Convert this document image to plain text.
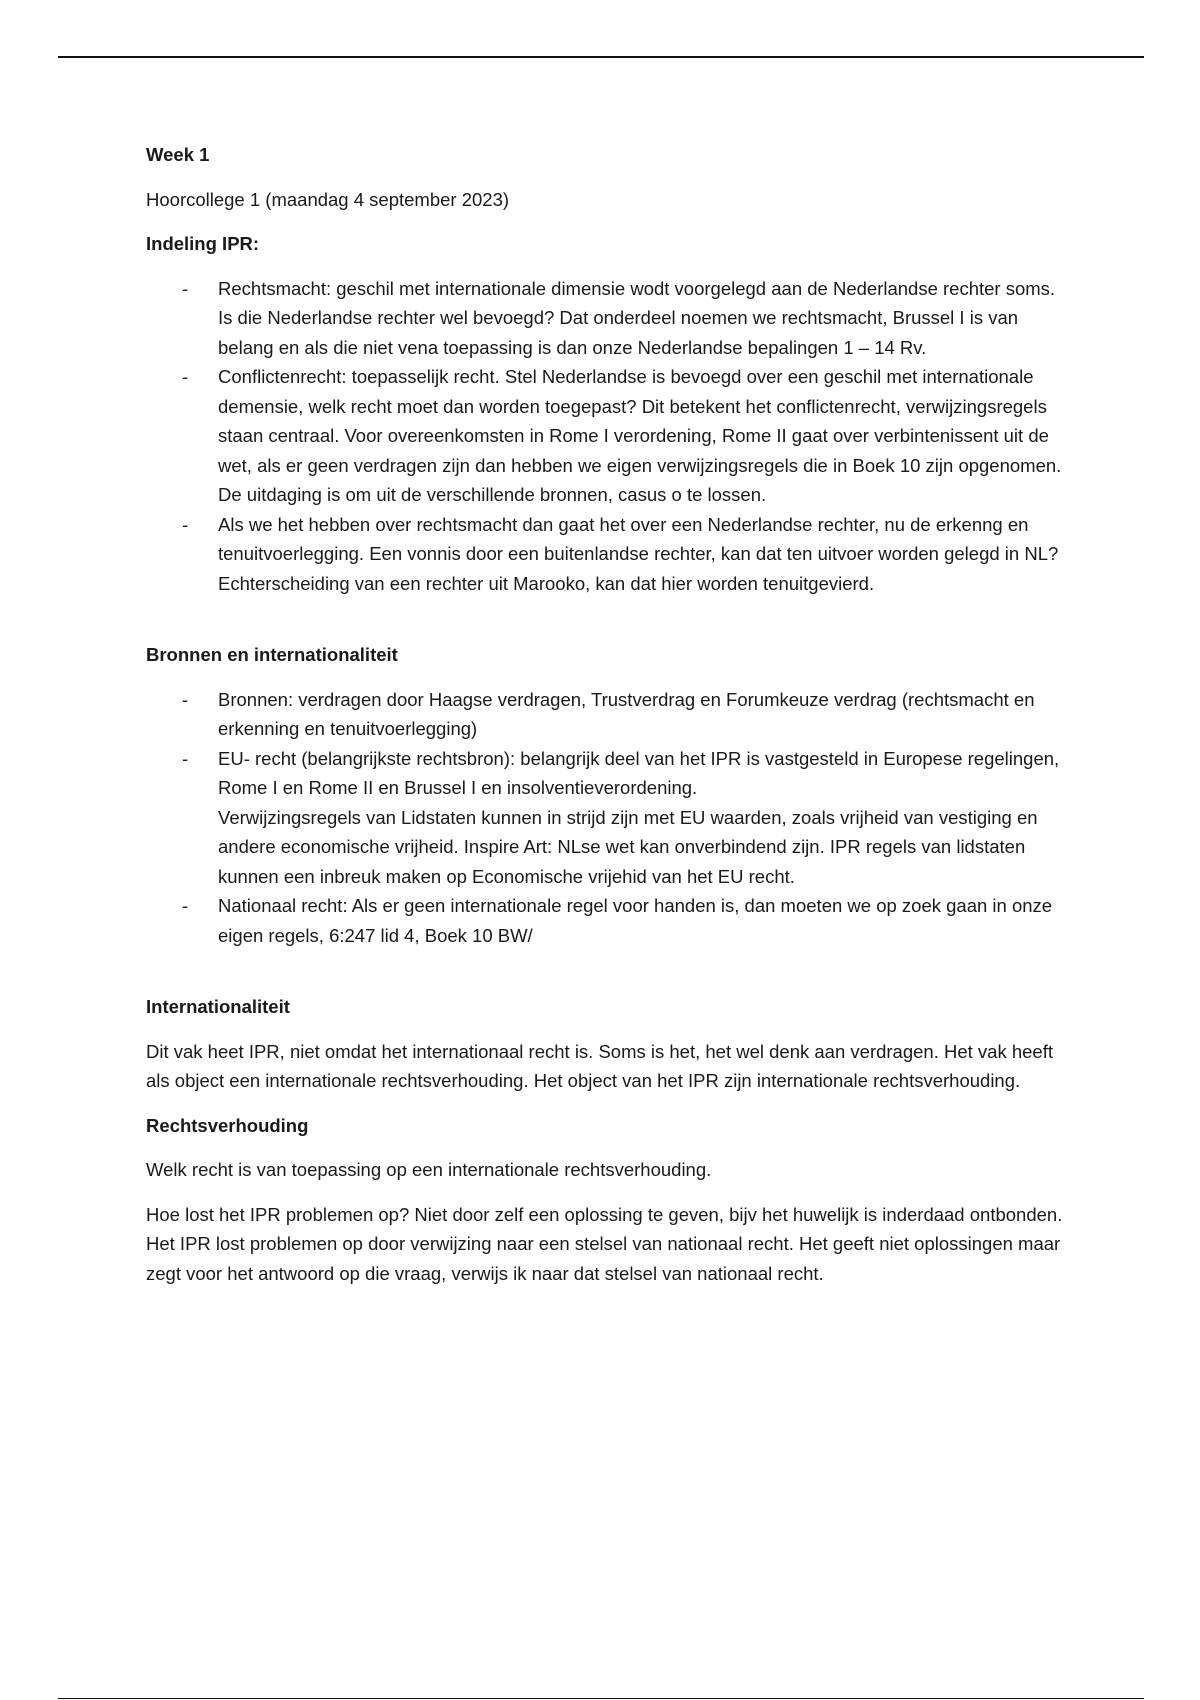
Week 1
Hoorcollege 1 (maandag 4 september 2023)
Indeling IPR:
- Rechtsmacht: geschil met internationale dimensie wodt voorgelegd aan de Nederlandse rechter soms. Is die Nederlandse rechter wel bevoegd? Dat onderdeel noemen we rechtsmacht, Brussel I is van belang en als die niet vena toepassing is dan onze Nederlandse bepalingen 1 – 14 Rv.
- Conflictenrecht: toepasselijk recht. Stel Nederlandse is bevoegd over een geschil met internationale demensie, welk recht moet dan worden toegepast? Dit betekent het conflictenrecht, verwijzingsregels staan centraal. Voor overeenkomsten in Rome I verordening, Rome II gaat over verbintenissent uit de wet, als er geen verdragen zijn dan hebben we eigen verwijzingsregels die in Boek 10 zijn opgenomen.
De uitdaging is om uit de verschillende bronnen, casus o te lossen.
- Als we het hebben over rechtsmacht dan gaat het over een Nederlandse rechter, nu de erkenng en tenuitvoerlegging. Een vonnis door een buitenlandse rechter, kan dat ten uitvoer worden gelegd in NL? Echterscheiding van een rechter uit Marooko, kan dat hier worden tenuitgevierd.
Bronnen en internationaliteit
- Bronnen: verdragen door Haagse verdragen, Trustverdrag en Forumkeuze verdrag (rechtsmacht en erkenning en tenuitvoerlegging)
- EU- recht (belangrijkste rechtsbron): belangrijk deel van het IPR is vastgesteld in Europese regelingen, Rome I en Rome II en Brussel I en insolventieverordening.
Verwijzingsregels van Lidstaten kunnen in strijd zijn met EU waarden, zoals vrijheid van vestiging en andere economische vrijheid. Inspire Art: NLse wet kan onverbindend zijn. IPR regels van lidstaten kunnen een inbreuk maken op Economische vrijehid van het EU recht.
- Nationaal recht: Als er geen internationale regel voor handen is, dan moeten we op zoek gaan in onze eigen regels, 6:247 lid 4, Boek 10 BW/
Internationaliteit
Dit vak heet IPR, niet omdat het internationaal recht is. Soms is het, het wel denk aan verdragen. Het vak heeft als object een internationale rechtsverhouding. Het object van het IPR zijn internationale rechtsverhouding.
Rechtsverhouding
Welk recht is van toepassing op een internationale rechtsverhouding.
Hoe lost het IPR problemen op? Niet door zelf een oplossing te geven, bijv het huwelijk is inderdaad ontbonden. Het IPR lost problemen op door verwijzing naar een stelsel van nationaal recht. Het geeft niet oplossingen maar zegt voor het antwoord op die vraag, verwijs ik naar dat stelsel van nationaal recht.
